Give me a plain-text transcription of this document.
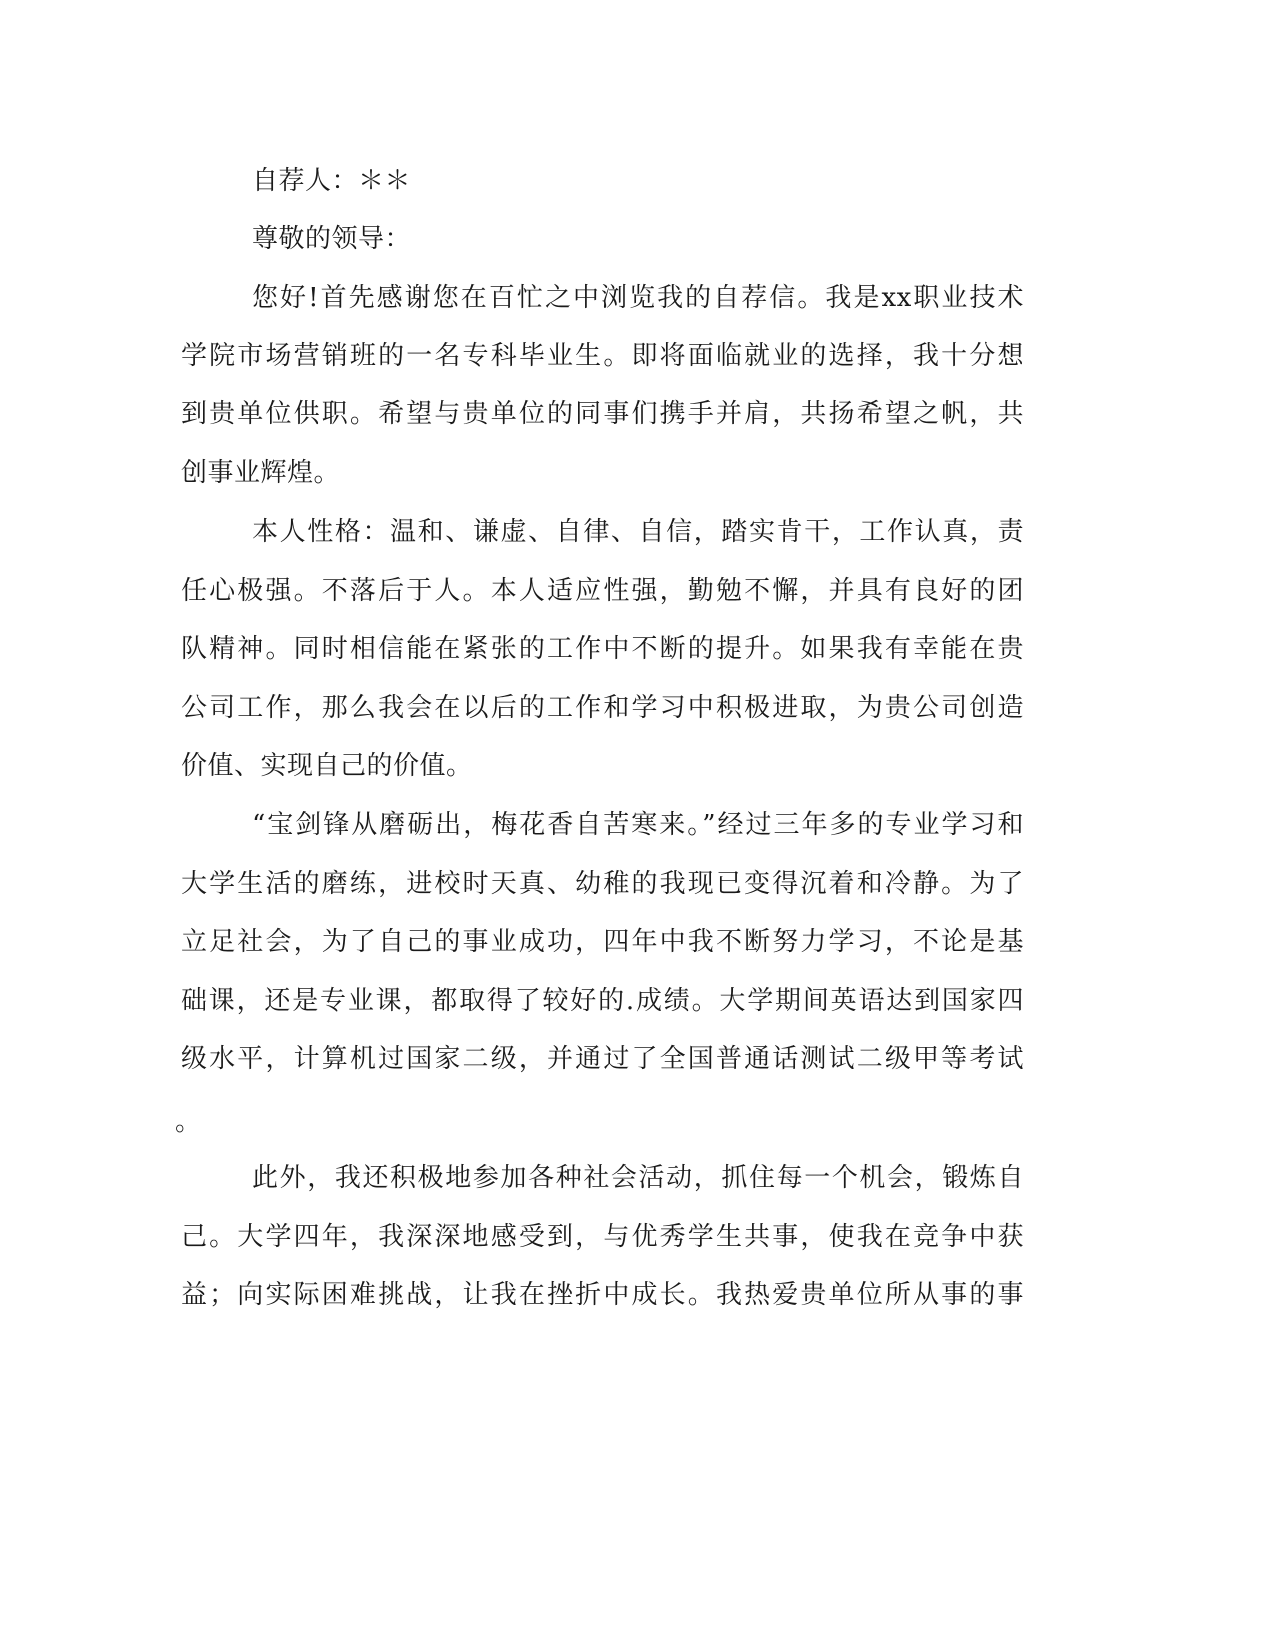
自荐人：＊＊
尊敬的领导：
您好!首先感谢您在百忙之中浏览我的自荐信。我是xx职业技术
学院市场营销班的一名专科毕业生。即将面临就业的选择，我十分想
到贵单位供职。希望与贵单位的同事们携手并肩，共扬希望之帆，共
创事业辉煌。
本人性格：温和、谦虚、自律、自信，踏实肯干，工作认真，责
任心极强。不落后于人。本人适应性强，勤勉不懈，并具有良好的团
队精神。同时相信能在紧张的工作中不断的提升。如果我有幸能在贵
公司工作，那么我会在以后的工作和学习中积极进取，为贵公司创造
价值、实现自己的价值。
“宝剑锋从磨砺出，梅花香自苦寒来。”经过三年多的专业学习和
大学生活的磨练，进校时天真、幼稚的我现已变得沉着和冷静。为了
立足社会，为了自己的事业成功，四年中我不断努力学习，不论是基
础课，还是专业课，都取得了较好的.成绩。大学期间英语达到国家四
级水平，计算机过国家二级，并通过了全国普通话测试二级甲等考试
。
此外，我还积极地参加各种社会活动，抓住每一个机会，锻炼自
己。大学四年，我深深地感受到，与优秀学生共事，使我在竞争中获
益；向实际困难挑战，让我在挫折中成长。我热爱贵单位所从事的事
